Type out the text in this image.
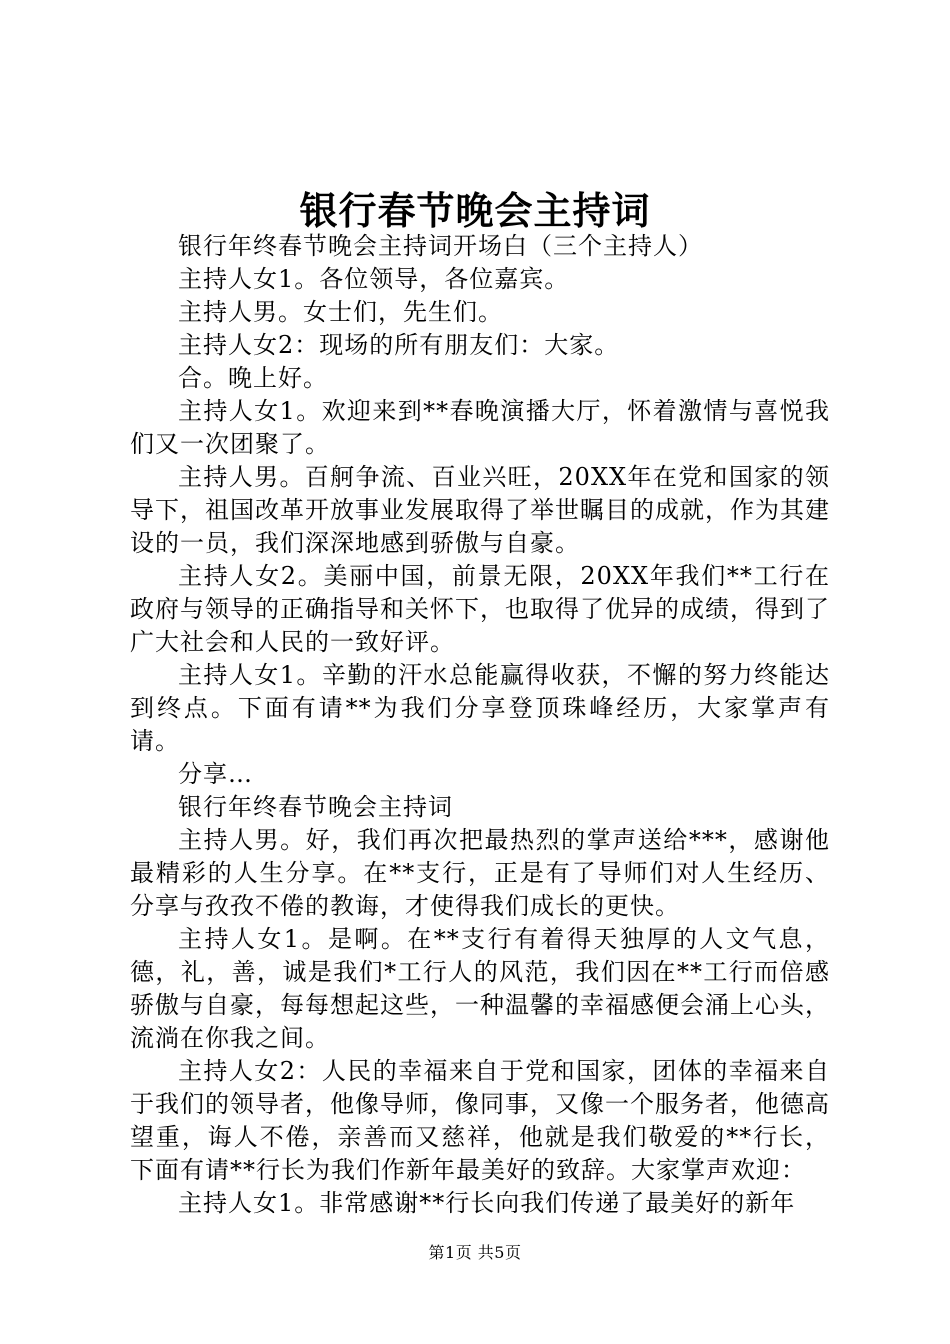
银行春节晚会主持词

银行年终春节晚会主持词开场白（三个主持人）

主持人女1。各位领导，各位嘉宾。

主持人男。女士们，先生们。

主持人女2：现场的所有朋友们：大家。

合。晚上好。

主持人女1。欢迎来到**春晚演播大厅，怀着激情与喜悦我们又一次团聚了。

主持人男。百舸争流、百业兴旺，20XX年在党和国家的领导下，祖国改革开放事业发展取得了举世瞩目的成就，作为其建设的一员，我们深深地感到骄傲与自豪。

主持人女2。美丽中国，前景无限，20XX年我们**工行在政府与领导的正确指导和关怀下，也取得了优异的成绩，得到了广大社会和人民的一致好评。

主持人女1。辛勤的汗水总能赢得收获，不懈的努力终能达到终点。下面有请**为我们分享登顶珠峰经历，大家掌声有请。

分享…

银行年终春节晚会主持词

主持人男。好，我们再次把最热烈的掌声送给***，感谢他最精彩的人生分享。在**支行，正是有了导师们对人生经历、分享与孜孜不倦的教诲，才使得我们成长的更快。

主持人女1。是啊。在**支行有着得天独厚的人文气息，德，礼，善，诚是我们*工行人的风范，我们因在**工行而倍感骄傲与自豪，每每想起这些，一种温馨的幸福感便会涌上心头，流淌在你我之间。

主持人女2：人民的幸福来自于党和国家，团体的幸福来自于我们的领导者，他像导师，像同事，又像一个服务者，他德高望重，诲人不倦，亲善而又慈祥，他就是我们敬爱的**行长，下面有请**行长为我们作新年最美好的致辞。大家掌声欢迎：

主持人女1。非常感谢**行长向我们传递了最美好的新年

第1页 共5页
